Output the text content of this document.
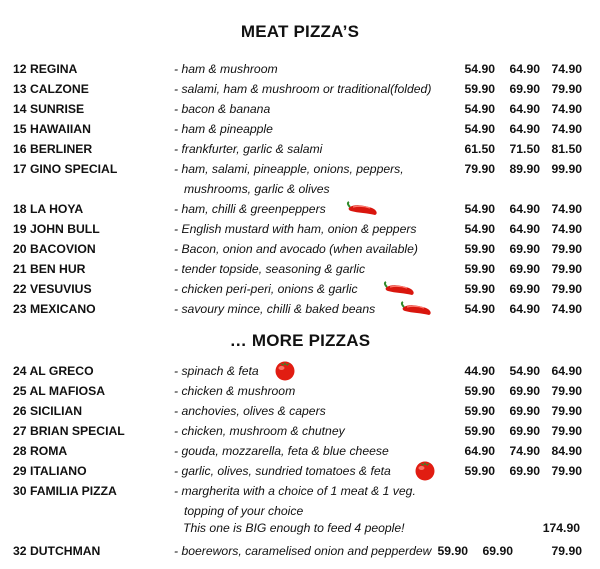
MEAT PIZZA’S
12 REGINA	- ham & mushroom	54.90	64.90 74.90
13 CALZONE	- salami, ham & mushroom or traditional(folded)	59.90	69.90 79.90
14 SUNRISE	- bacon & banana	54.90	64.90 74.90
15 HAWAIIAN	- ham & pineapple	54.90	64.90 74.90
16 BERLINER	- frankfurter, garlic & salami	61.50	71.50 81.50
17 GINO SPECIAL	- ham, salami, pineapple, onions, peppers,	79.90	89.90 99.90
mushrooms, garlic & olives
18 LA HOYA	- ham, chilli & greenpeppers	54.90	64.90 74.90
19 JOHN BULL	- English mustard with ham, onion & peppers	54.90	64.90 74.90
20 BACOVION	- Bacon, onion and avocado (when available)	59.90	69.90 79.90
21 BEN HUR	- tender topside, seasoning & garlic	59.90	69.90 79.90
22 VESUVIUS	- chicken peri-peri, onions & garlic	59.90	69.90 79.90
23 MEXICANO	- savoury mince, chilli & baked beans	54.90	64.90 74.90
… MORE PIZZAS
24 AL GRECO	- spinach & feta	44.90	54.90 64.90
25 AL MAFIOSA	- chicken & mushroom	59.90	69.90 79.90
26 SICILIAN	- anchovies, olives & capers	59.90	69.90 79.90
27 BRIAN SPECIAL	- chicken, mushroom & chutney	59.90	69.90 79.90
28 ROMA	- gouda, mozzarella, feta & blue cheese	64.90	74.90 84.90
29 ITALIANO	- garlic, olives, sundried tomatoes & feta	59.90	69.90 79.90
30 FAMILIA PIZZA	- margherita with a choice of 1 meat & 1 veg.
topping of your choice
This one is BIG enough to feed 4 people!	174.90
32 DUTCHMAN	- boerewors, caramelised onion and pepperdew 59.90	69.90	79.90
